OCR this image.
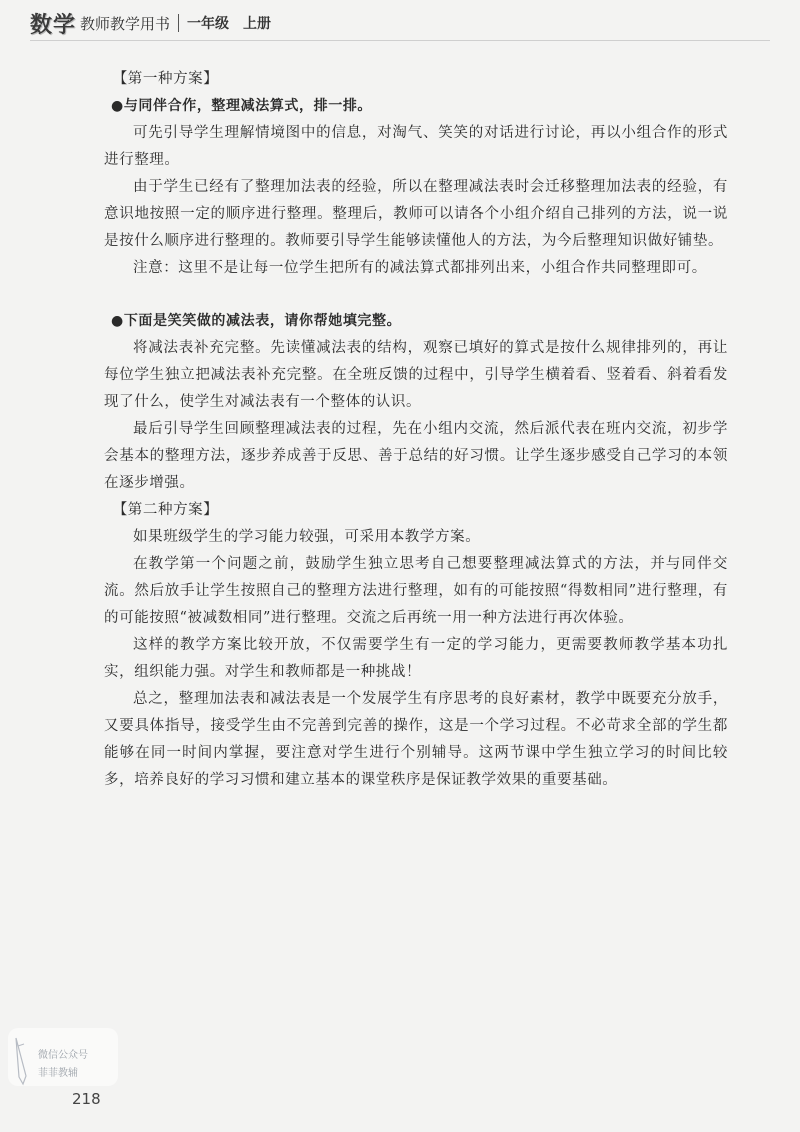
数学 教师教学用书 一年级　上册

【第一种方案】

●与同伴合作，整理减法算式，排一排。

可先引导学生理解情境图中的信息，对淘气、笑笑的对话进行讨论，再以小组合作的形式进行整理。

由于学生已经有了整理加法表的经验，所以在整理减法表时会迁移整理加法表的经验，有意识地按照一定的顺序进行整理。整理后，教师可以请各个小组介绍自己排列的方法，说一说是按什么顺序进行整理的。教师要引导学生能够读懂他人的方法，为今后整理知识做好铺垫。

注意：这里不是让每一位学生把所有的减法算式都排列出来，小组合作共同整理即可。

●下面是笑笑做的减法表，请你帮她填完整。

将减法表补充完整。先读懂减法表的结构，观察已填好的算式是按什么规律排列的，再让每位学生独立把减法表补充完整。在全班反馈的过程中，引导学生横着看、竖着看、斜着看发现了什么，使学生对减法表有一个整体的认识。

最后引导学生回顾整理减法表的过程，先在小组内交流，然后派代表在班内交流，初步学会基本的整理方法，逐步养成善于反思、善于总结的好习惯。让学生逐步感受自己学习的本领在逐步增强。

【第二种方案】

如果班级学生的学习能力较强，可采用本教学方案。

在教学第一个问题之前，鼓励学生独立思考自己想要整理减法算式的方法，并与同伴交流。然后放手让学生按照自己的整理方法进行整理，如有的可能按照“得数相同”进行整理，有的可能按照“被减数相同”进行整理。交流之后再统一用一种方法进行再次体验。

这样的教学方案比较开放，不仅需要学生有一定的学习能力，更需要教师教学基本功扎实，组织能力强。对学生和教师都是一种挑战！

总之，整理加法表和减法表是一个发展学生有序思考的良好素材，教学中既要充分放手，又要具体指导，接受学生由不完善到完善的操作，这是一个学习过程。不必苛求全部的学生都能够在同一时间内掌握，要注意对学生进行个别辅导。这两节课中学生独立学习的时间比较多，培养良好的学习习惯和建立基本的课堂秩序是保证教学效果的重要基础。

微信公众号
菲菲教辅
218
